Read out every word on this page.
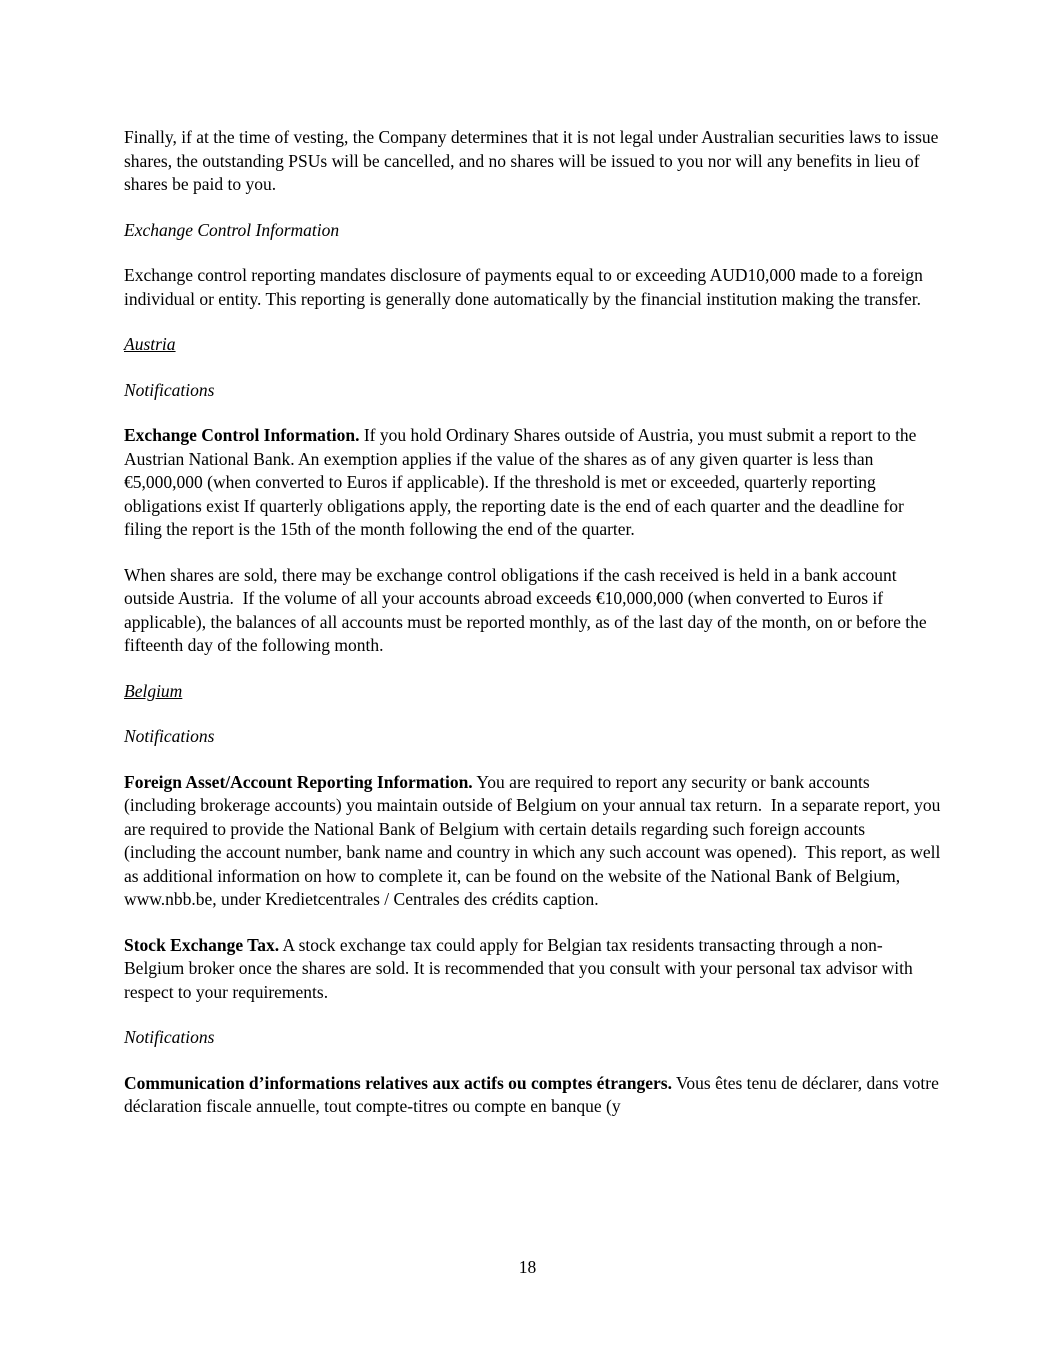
Finally, if at the time of vesting, the Company determines that it is not legal under Australian securities laws to issue shares, the outstanding PSUs will be cancelled, and no shares will be issued to you nor will any benefits in lieu of shares be paid to you.

Exchange Control Information

Exchange control reporting mandates disclosure of payments equal to or exceeding AUD10,000 made to a foreign individual or entity. This reporting is generally done automatically by the financial institution making the transfer.

Austria
Notifications

Exchange Control Information. If you hold Ordinary Shares outside of Austria, you must submit a report to the Austrian National Bank. An exemption applies if the value of the shares as of any given quarter is less than €5,000,000 (when converted to Euros if applicable). If the threshold is met or exceeded, quarterly reporting obligations exist If quarterly obligations apply, the reporting date is the end of each quarter and the deadline for filing the report is the 15th of the month following the end of the quarter.

When shares are sold, there may be exchange control obligations if the cash received is held in a bank account outside Austria.  If the volume of all your accounts abroad exceeds €10,000,000 (when converted to Euros if applicable), the balances of all accounts must be reported monthly, as of the last day of the month, on or before the fifteenth day of the following month.

Belgium
Notifications

Foreign Asset/Account Reporting Information. You are required to report any security or bank accounts (including brokerage accounts) you maintain outside of Belgium on your annual tax return.  In a separate report, you are required to provide the National Bank of Belgium with certain details regarding such foreign accounts (including the account number, bank name and country in which any such account was opened).  This report, as well as additional information on how to complete it, can be found on the website of the National Bank of Belgium, www.nbb.be, under Kredietcentrales / Centrales des crédits caption.

Stock Exchange Tax. A stock exchange tax could apply for Belgian tax residents transacting through a non-Belgium broker once the shares are sold. It is recommended that you consult with your personal tax advisor with respect to your requirements.

Notifications

Communication d’informations relatives aux actifs ou comptes étrangers. Vous êtes tenu de déclarer, dans votre déclaration fiscale annuelle, tout compte-titres ou compte en banque (y

18
